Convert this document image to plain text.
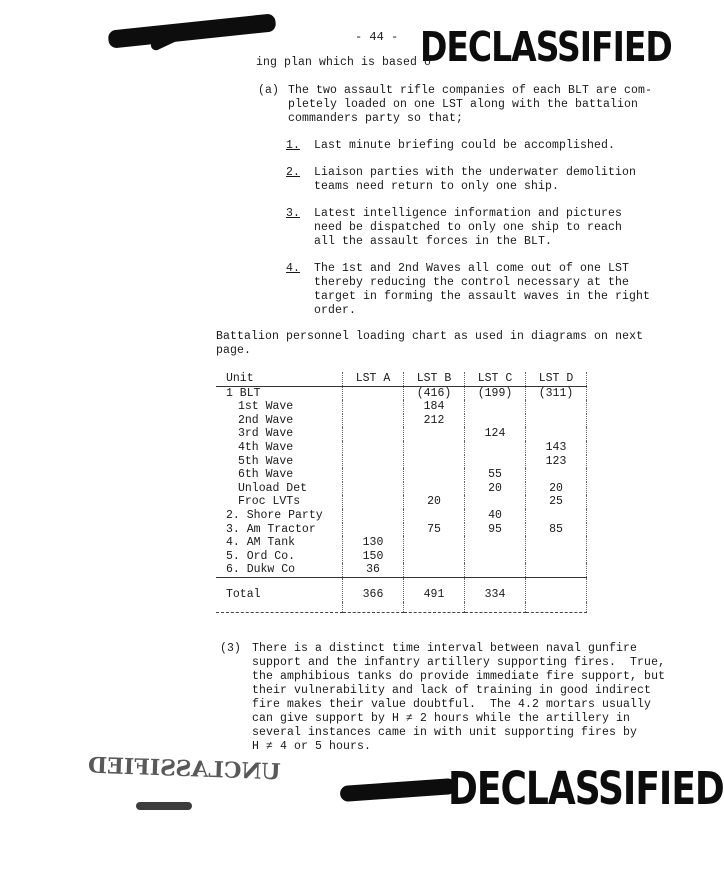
- 44 - DECLASSIFIED
ing plan which is based o
(a) The two assault rifle companies of each BLT are com-
pletely loaded on one LST along with the battalion
commanders party so that;
1. Last minute briefing could be accomplished.
2. Liaison parties with the underwater demolition
teams need return to only one ship.
3. Latest intelligence information and pictures
need be dispatched to only one ship to reach
all the assault forces in the BLT.
4. The 1st and 2nd Waves all come out of one LST
thereby reducing the control necessary at the
target in forming the assault waves in the right
order.
Battalion personnel loading chart as used in diagrams on next
page.
Unit	LST A	LST B	LST C	LST D
1 BLT		(416)	(199)	(311)
1st Wave		184		
2nd Wave		212		
3rd Wave			124	
4th Wave				143
5th Wave				123
6th Wave			55	
Unload Det			20	20
Froc LVTs		20		25
2. Shore Party			40	
3. Am Tractor		75	95	85
4. AM Tank	130			
5. Ord Co.	150			
6. Dukw Co	36			
Total	366	491	334	

(3) There is a distinct time interval between naval gunfire
support and the infantry artillery supporting fires.  True,
the amphibious tanks do provide immediate fire support, but
their vulnerability and lack of training in good indirect
fire makes their value doubtful.  The 4.2 mortars usually
can give support by H ≠ 2 hours while the artillery in
several instances came in with unit supporting fires by
H ≠ 4 or 5 hours.
UNCLASSIFIED	DECLASSIFIED
